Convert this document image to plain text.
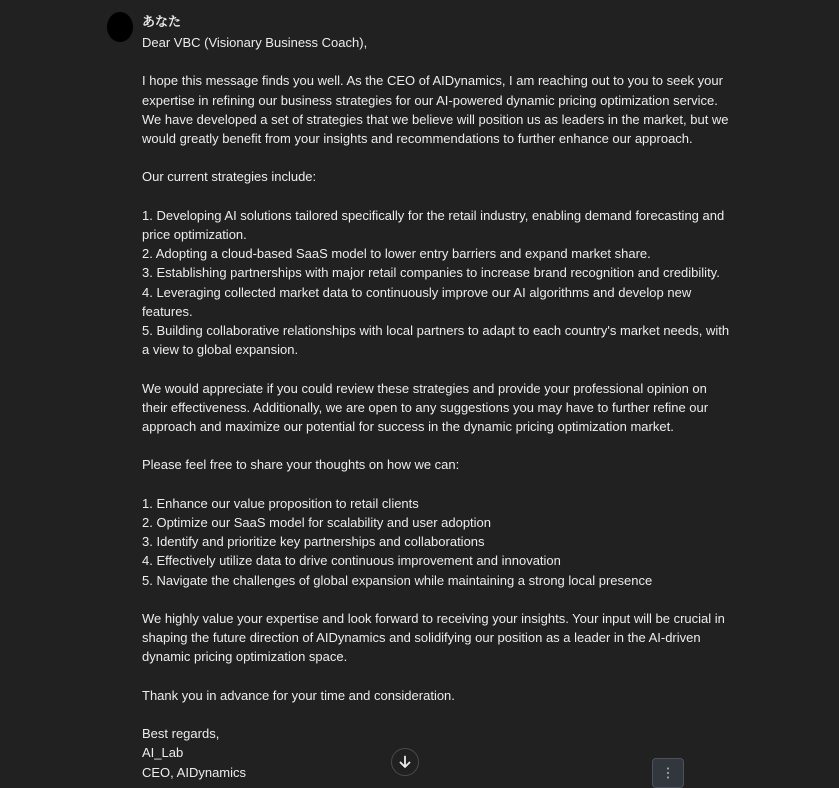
あなた
Dear VBC (Visionary Business Coach),
I hope this message finds you well. As the CEO of AIDynamics, I am reaching out to you to seek your
expertise in refining our business strategies for our AI-powered dynamic pricing optimization service.
We have developed a set of strategies that we believe will position us as leaders in the market, but we
would greatly benefit from your insights and recommendations to further enhance our approach.
Our current strategies include:
1. Developing AI solutions tailored specifically for the retail industry, enabling demand forecasting and
price optimization.
2. Adopting a cloud-based SaaS model to lower entry barriers and expand market share.
3. Establishing partnerships with major retail companies to increase brand recognition and credibility.
4. Leveraging collected market data to continuously improve our AI algorithms and develop new
features.
5. Building collaborative relationships with local partners to adapt to each country's market needs, with
a view to global expansion.
We would appreciate if you could review these strategies and provide your professional opinion on
their effectiveness. Additionally, we are open to any suggestions you may have to further refine our
approach and maximize our potential for success in the dynamic pricing optimization market.
Please feel free to share your thoughts on how we can:
1. Enhance our value proposition to retail clients
2. Optimize our SaaS model for scalability and user adoption
3. Identify and prioritize key partnerships and collaborations
4. Effectively utilize data to drive continuous improvement and innovation
5. Navigate the challenges of global expansion while maintaining a strong local presence
We highly value your expertise and look forward to receiving your insights. Your input will be crucial in
shaping the future direction of AIDynamics and solidifying our position as a leader in the AI-driven
dynamic pricing optimization space.
Thank you in advance for your time and consideration.
Best regards,
AI_Lab
CEO, AIDynamics
